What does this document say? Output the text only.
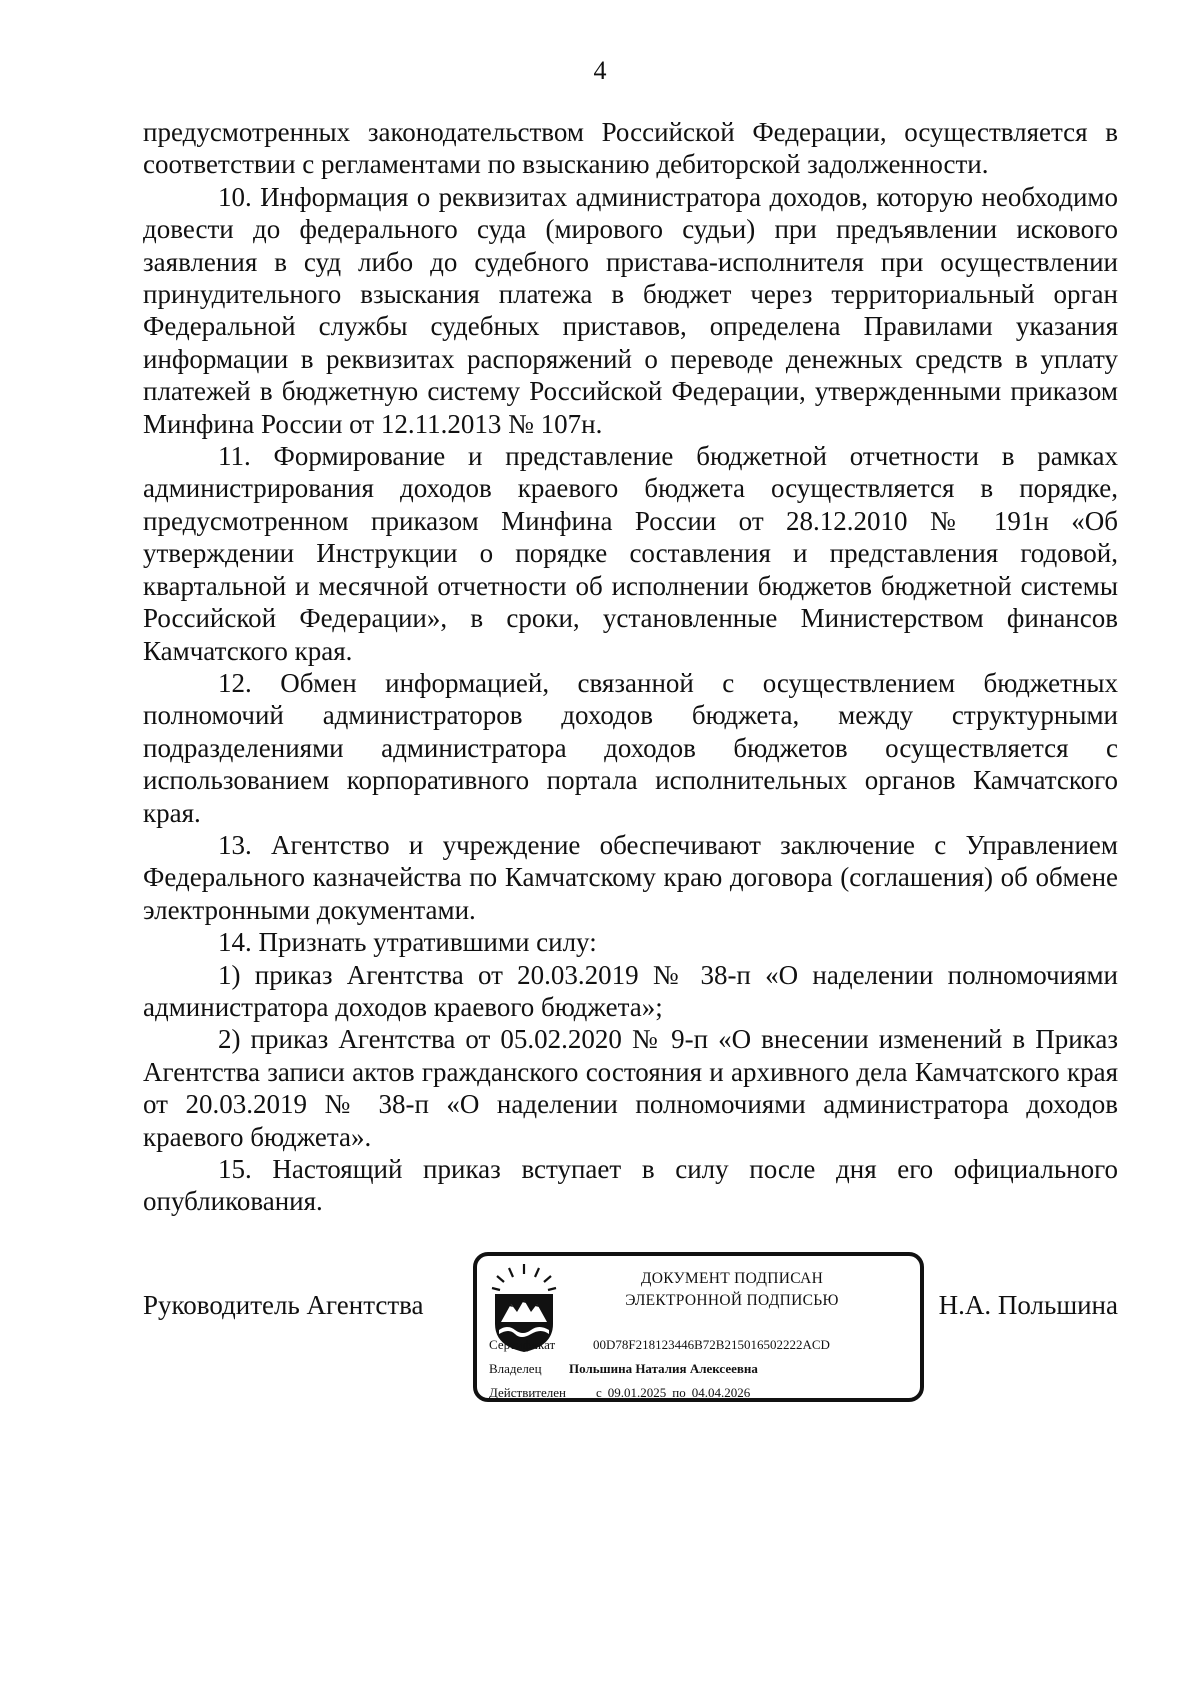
4

предусмотренных законодательством Российской Федерации, осуществляется в соответствии с регламентами по взысканию дебиторской задолженности.

10. Информация о реквизитах администратора доходов, которую необходимо довести до федерального суда (мирового судьи) при предъявлении искового заявления в суд либо до судебного пристава-исполнителя при осуществлении принудительного взыскания платежа в бюджет через территориальный орган Федеральной службы судебных приставов, определена Правилами указания информации в реквизитах распоряжений о переводе денежных средств в уплату платежей в бюджетную систему Российской Федерации, утвержденными приказом Минфина России от 12.11.2013 № 107н.

11. Формирование и представление бюджетной отчетности в рамках администрирования доходов краевого бюджета осуществляется в порядке, предусмотренном приказом Минфина России от 28.12.2010 № 191н «Об утверждении Инструкции о порядке составления и представления годовой, квартальной и месячной отчетности об исполнении бюджетов бюджетной системы Российской Федерации», в сроки, установленные Министерством финансов Камчатского края.

12. Обмен информацией, связанной с осуществлением бюджетных полномочий администраторов доходов бюджета, между структурными подразделениями администратора доходов бюджетов осуществляется с использованием корпоративного портала исполнительных органов Камчатского края.

13. Агентство и учреждение обеспечивают заключение с Управлением Федерального казначейства по Камчатскому краю договора (соглашения) об обмене электронными документами.

14. Признать утратившими силу:

1) приказ Агентства от 20.03.2019 № 38-п «О наделении полномочиями администратора доходов краевого бюджета»;

2) приказ Агентства от 05.02.2020 № 9-п «О внесении изменений в Приказ Агентства записи актов гражданского состояния и архивного дела Камчатского края от 20.03.2019 № 38-п «О наделении полномочиями администратора доходов краевого бюджета».

15. Настоящий приказ вступает в силу после дня его официального опубликования.

Руководитель Агентства
ДОКУМЕНТ ПОДПИСАН
ЭЛЕКТРОННОЙ ПОДПИСЬЮ
Сертификат	00D78F218123446B72B215016502222ACD
Владелец Польшина Наталия Алексеевна
Действителен с 09.01.2025 по 04.04.2026
Н.А. Польшина
